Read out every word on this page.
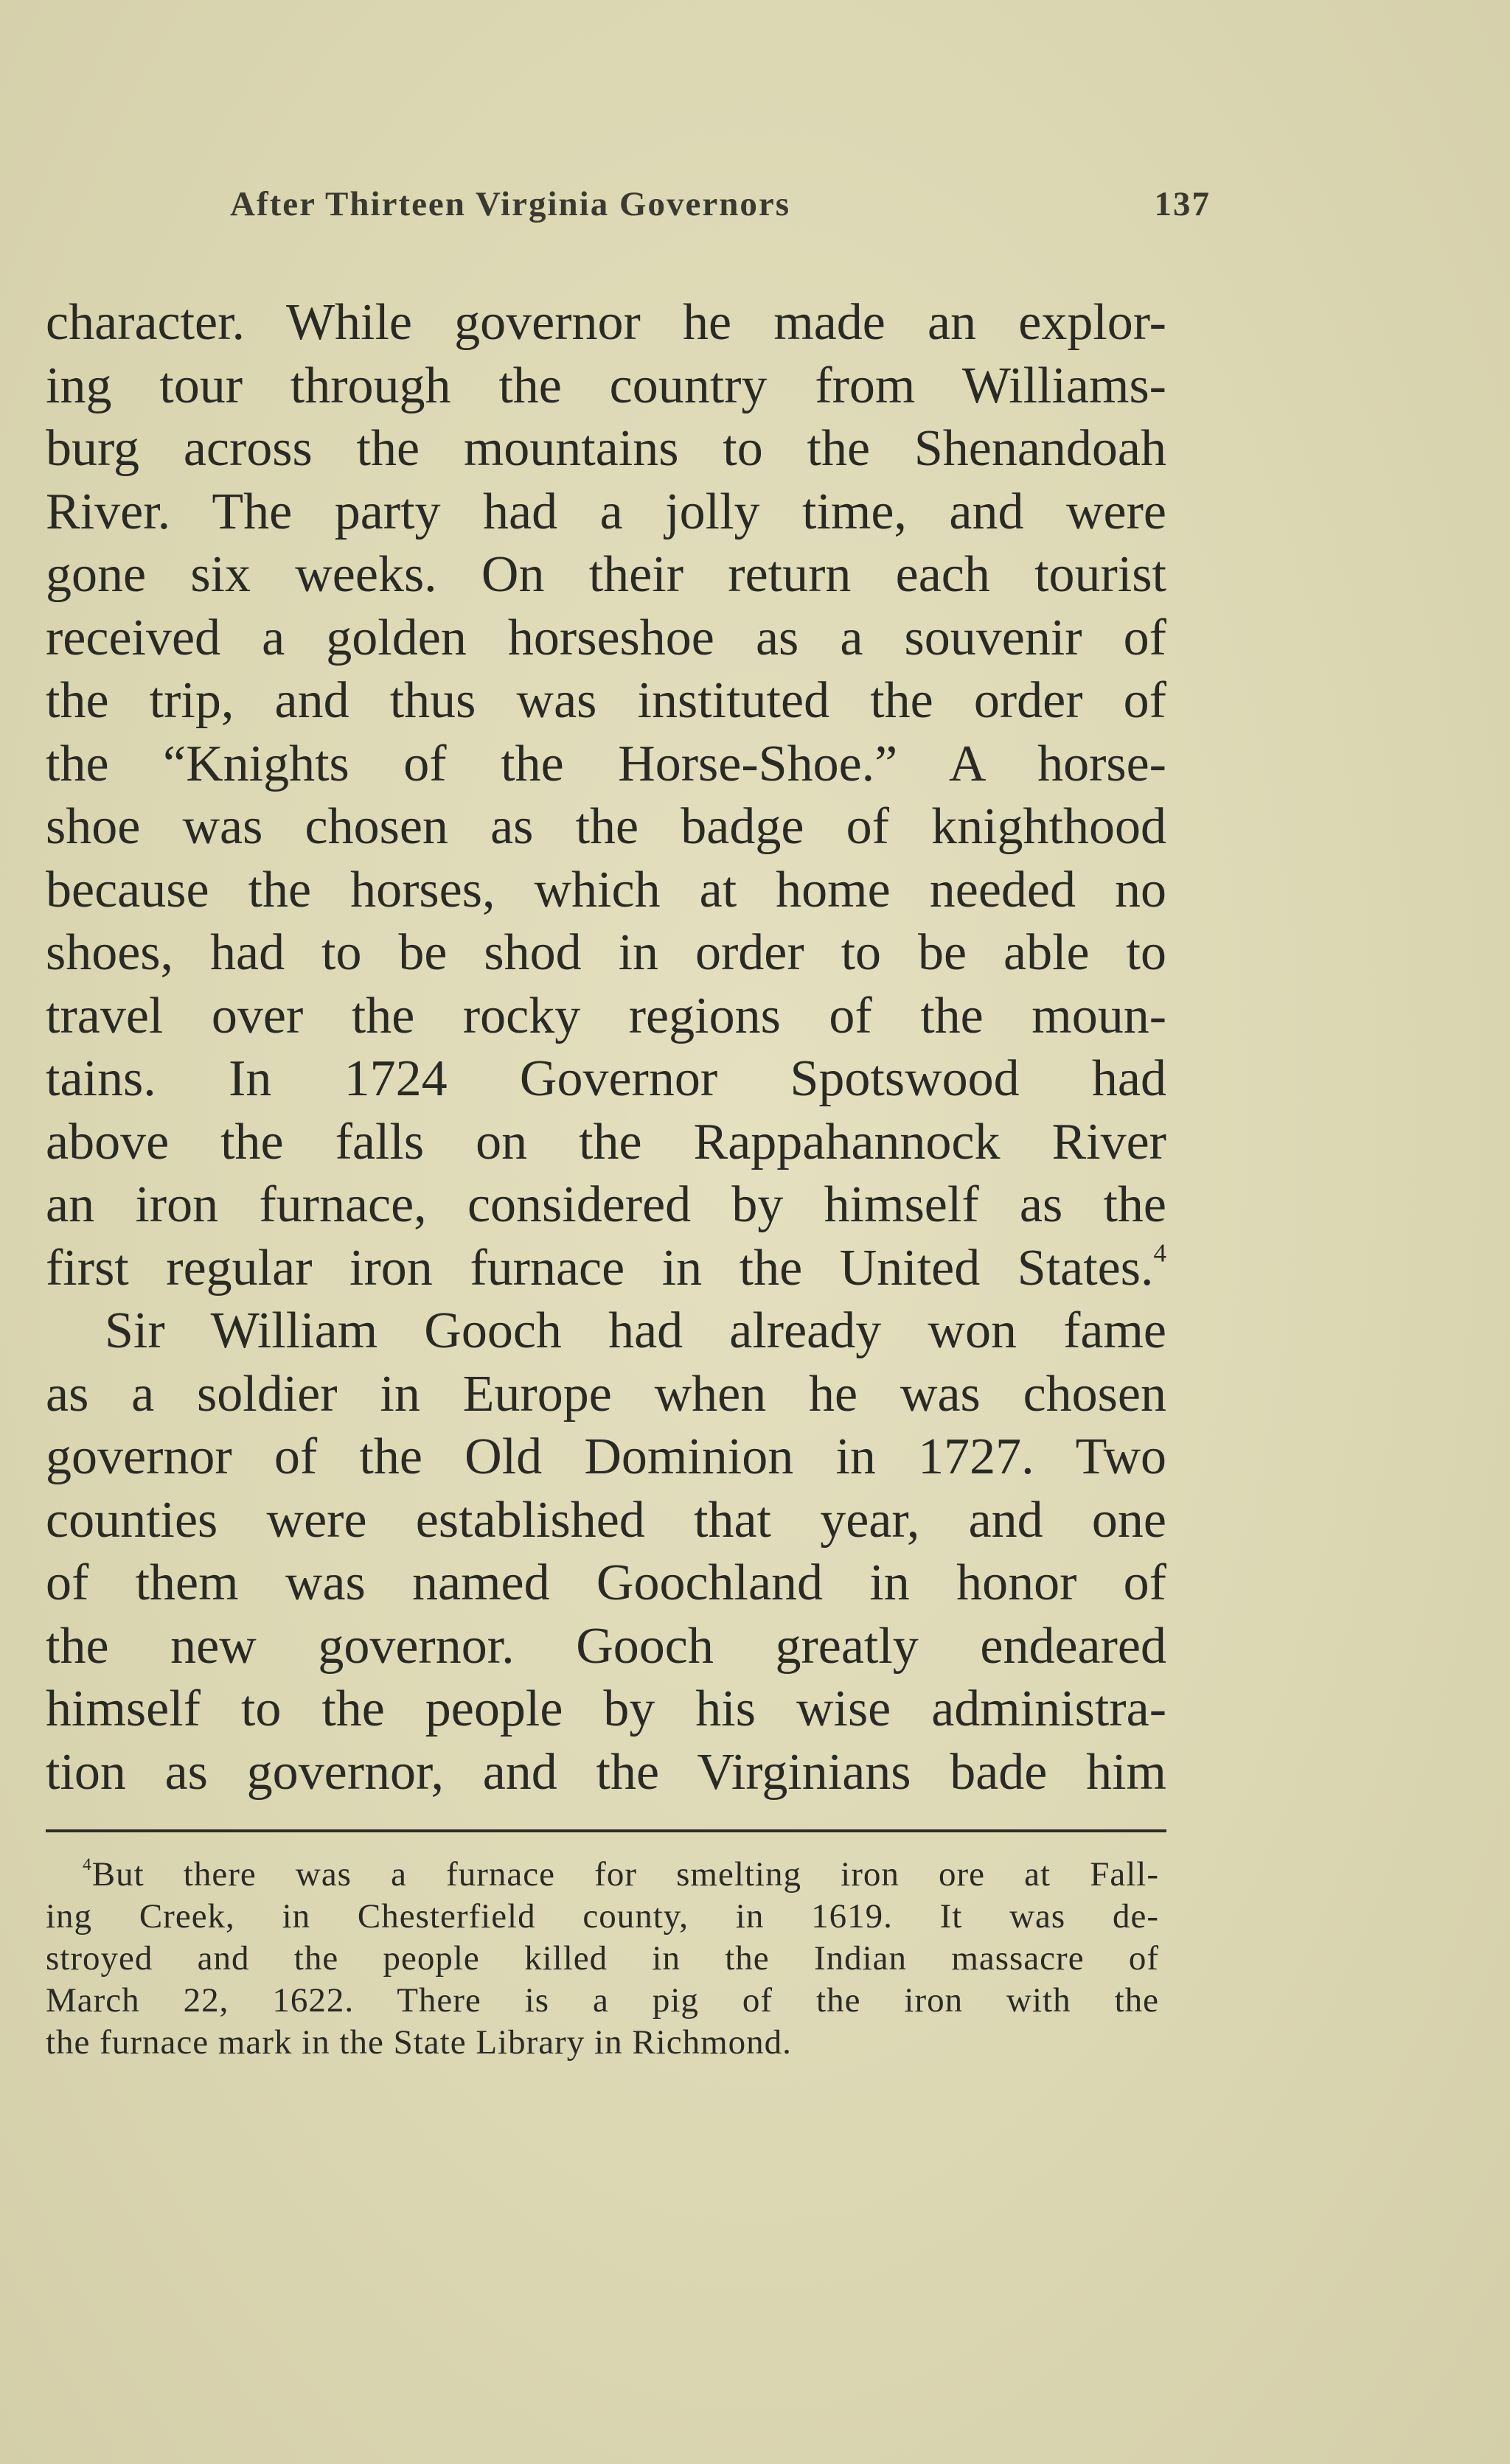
After Thirteen Virginia Governors	137
character. While governor he made an explor-
ing tour through the country from Williams-
burg across the mountains to the Shenandoah
River. The party had a jolly time, and were
gone six weeks. On their return each tourist
received a golden horseshoe as a souvenir of
the trip, and thus was instituted the order of
the “Knights of the Horse-Shoe.” A horse-
shoe was chosen as the badge of knighthood
because the horses, which at home needed no
shoes, had to be shod in order to be able to
travel over the rocky regions of the moun-
tains. In 1724 Governor Spotswood had
above the falls on the Rappahannock River
an iron furnace, considered by himself as the
first regular iron furnace in the United States.$^4$
Sir William Gooch had already won fame
as a soldier in Europe when he was chosen
governor of the Old Dominion in 1727. Two
counties were established that year, and one
of them was named Goochland in honor of
the new governor. Gooch greatly endeared
himself to the people by his wise administra-
tion as governor, and the Virginians bade him
$^4$But there was a furnace for smelting iron ore at Fall-
ing Creek, in Chesterfield county, in 1619. It was de-
stroyed and the people killed in the Indian massacre of
March 22, 1622. There is a pig of the iron with the
the furnace mark in the State Library in Richmond.
